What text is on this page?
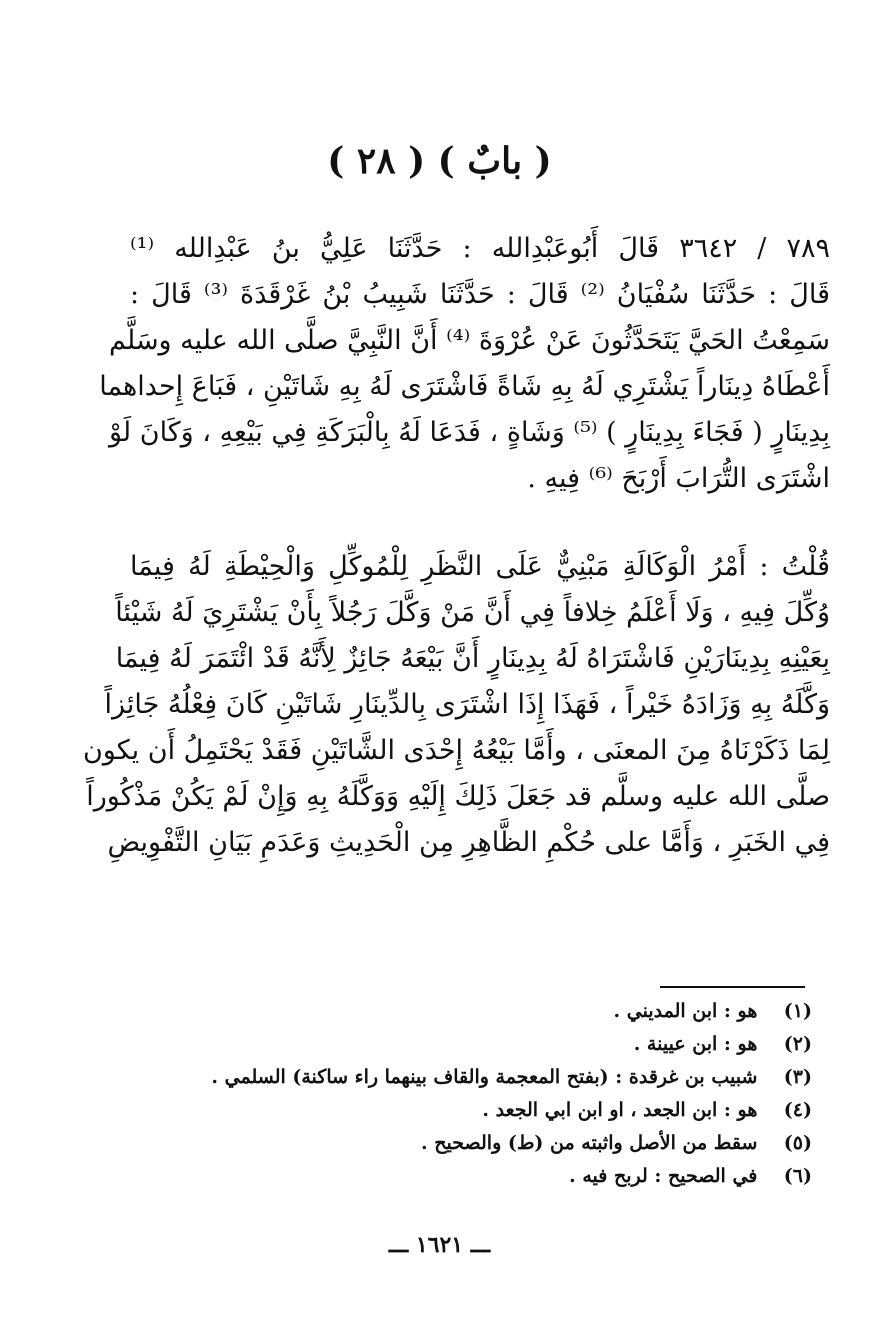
( ٢٨ ) ( بابٌ )
٧٨٩ / ٣٦٤٢ قَالَ أَبُوعَبْدِالله : حَدَّثَنَا عَلِيُّ بنُ عَبْدِالله ⁽¹⁾
قَالَ : حَدَّثَنَا سُفْيَانُ ⁽²⁾ قَالَ : حَدَّثَنَا شَبِيبُ بْنُ غَرْقَدَةَ ⁽³⁾ قَالَ :
سَمِعْتُ الحَيَّ يَتَحَدَّثُونَ عَنْ عُرْوَةَ ⁽⁴⁾ أَنَّ النَّبِيَّ صلَّى الله عليه وسَلَّم
أَعْطَاهُ دِينَاراً يَشْتَرِي لَهُ بِهِ شَاةً فَاشْتَرَى لَهُ بِهِ شَاتَيْنِ ، فَبَاعَ إِحداهما
بِدِينَارٍ ( فَجَاءَ بِدِينَارٍ ) ⁽⁵⁾ وَشَاةٍ ، فَدَعَا لَهُ بِالْبَرَكَةِ فِي بَيْعِهِ ، وَكَانَ لَوْ
اشْتَرَى التُّرَابَ أَرْبَحَ ⁽⁶⁾ فِيهِ .
قُلْتُ : أَمْرُ الْوَكَالَةِ مَبْنِيٌّ عَلَى النَّظَرِ لِلْمُوكِّلِ وَالْحِيْطَةِ لَهُ فِيمَا
وُكِّلَ فِيهِ ، وَلَا أَعْلَمُ خِلافاً فِي أَنَّ مَنْ وَكَّلَ رَجُلاً بِأَنْ يَشْتَرِيَ لَهُ شَيْئاً
بِعَيْنِهِ بِدِينَارَيْنِ فَاشْتَرَاهُ لَهُ بِدِينَارٍ أَنَّ بَيْعَهُ جَائِزٌ لِأَنَّهُ قَدْ ائْتَمَرَ لَهُ فِيمَا
وَكَّلَهُ بِهِ وَزَادَهُ خَيْراً ، فَهَذَا إِذَا اشْتَرَى بِالدِّينَارِ شَاتَيْنِ كَانَ فِعْلُهُ جَائِزاً
لِمَا ذَكَرْنَاهُ مِنَ المعنَى ، وأَمَّا بَيْعُهُ إِحْدَى الشَّاتَيْنِ فَقَدْ يَحْتَمِلُ أَن يكون
صلَّى الله عليه وسلَّم قد جَعَلَ ذَلِكَ إِلَيْهِ وَوَكَّلَهُ بِهِ وَإِنْ لَمْ يَكُنْ مَذْكُوراً
فِي الخَبَرِ ، وَأَمَّا على حُكْمِ الظَّاهِرِ مِن الْحَدِيثِ وَعَدَمِ بَيَانِ التَّفْوِيضِ
(١) هو : ابن المديني .
(٢) هو : ابن عيينة .
(٣) شبيب بن غرقدة : (بفتح المعجمة والقاف بينهما راء ساكنة) السلمي .
(٤) هو : ابن الجعد ، او ابن ابي الجعد .
(٥) سقط من الأصل واثبته من (ط) والصحيح .
(٦) في الصحيح : لربح فيه .
ـــ ١٦٢١ ـــ
